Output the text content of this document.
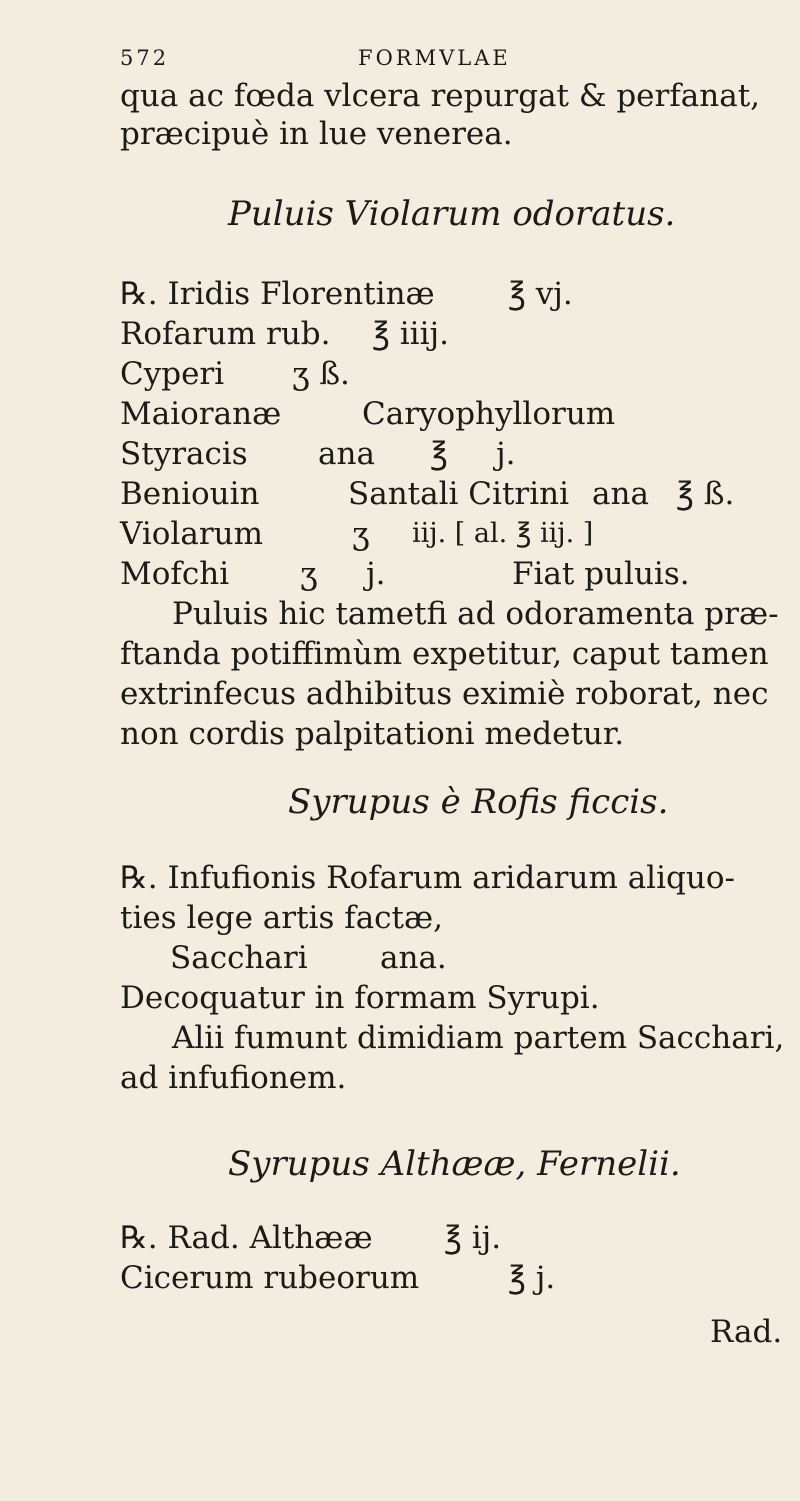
572	FORMVLAE
qua ac fœda vlcera repurgat & perfanat,
præcipuè in lue venerea.
Puluis Violarum odoratus.
℞. Iridis Florentinæ ℥ vj.
Rofarum rub. ℥ iiij.
Cyperi ʒ ß.
Maioranæ	Caryophyllorum
Styracis ana ℥ j.
Beniouin	Santali Citrini ana ℥ ß.
Violarum	ʒ iij. [ al. ℥ iij. ]
Mofchi ʒ j.	Fiat puluis.
Puluis hic tametfi ad odoramenta præ-
ftanda potiffimùm expetitur, caput tamen
extrinfecus adhibitus eximiè roborat, nec
non cordis palpitationi medetur.
Syrupus è Rofis ficcis.
℞. Infufionis Rofarum aridarum aliquo-
ties lege artis factæ,
Sacchari ana.
Decoquatur in formam Syrupi.
Alii fumunt dimidiam partem Sacchari,
ad infufionem.
Syrupus Althææ, Fernelii.
℞. Rad. Althææ ℥ ij.
Cicerum rubeorum	℥ j.
Rad.
